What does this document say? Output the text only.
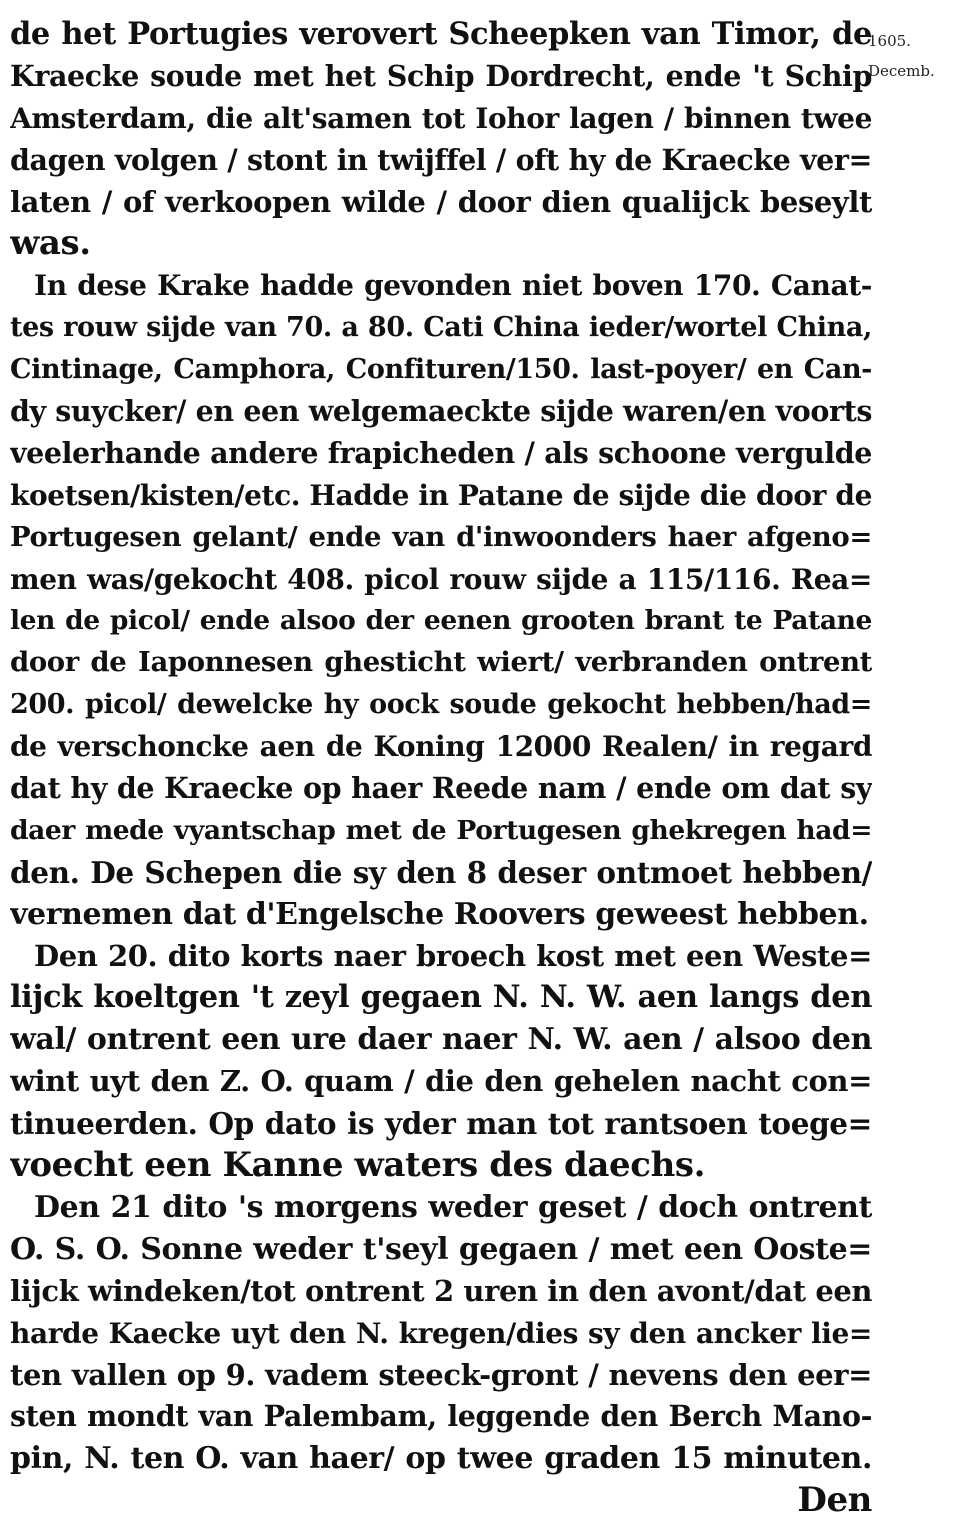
1605.
Decemb.
de het Portugies verovert Scheepken van Timor, de
Kraecke soude met het Schip Dordrecht, ende 't Schip
Amsterdam, die alt'samen tot Iohor lagen / binnen twee
dagen volgen / stont in twijffel / oft hy de Kraecke ver=
laten / of verkoopen wilde / door dien qualijck beseylt
was.
In dese Krake hadde gevonden niet boven 170. Canat-
tes rouw sijde van 70. a 80. Cati China ieder/wortel China,
Cintinage, Camphora, Confituren/150. last-poyer/ en Can-
dy suycker/ en een welgemaeckte sijde waren/en voorts
veelerhande andere frapicheden / als schoone vergulde
koetsen/kisten/etc. Hadde in Patane de sijde die door de
Portugesen gelant/ ende van d'inwoonders haer afgeno=
men was/gekocht 408. picol rouw sijde a 115/116. Rea=
len de picol/ ende alsoo der eenen grooten brant te Patane
door de Iaponnesen ghesticht wiert/ verbranden ontrent
200. picol/ dewelcke hy oock soude gekocht hebben/had=
de verschoncke aen de Koning 12000 Realen/ in regard
dat hy de Kraecke op haer Reede nam / ende om dat sy
daer mede vyantschap met de Portugesen ghekregen had=
den. De Schepen die sy den 8 deser ontmoet hebben/
vernemen dat d'Engelsche Roovers geweest hebben.
Den 20. dito korts naer broech kost met een Weste=
lijck koeltgen 't zeyl gegaen N. N. W. aen langs den
wal/ ontrent een ure daer naer N. W. aen / alsoo den
wint uyt den Z. O. quam / die den gehelen nacht con=
tinueerden. Op dato is yder man tot rantsoen toege=
voecht een Kanne waters des daechs.
Den 21 dito 's morgens weder geset / doch ontrent
O. S. O. Sonne weder t'seyl gegaen / met een Ooste=
lijck windeken/tot ontrent 2 uren in den avont/dat een
harde Kaecke uyt den N. kregen/dies sy den ancker lie=
ten vallen op 9. vadem steeck-gront / nevens den eer=
sten mondt van Palembam, leggende den Berch Mano-
pin, N. ten O. van haer/ op twee graden 15 minuten.
Den
